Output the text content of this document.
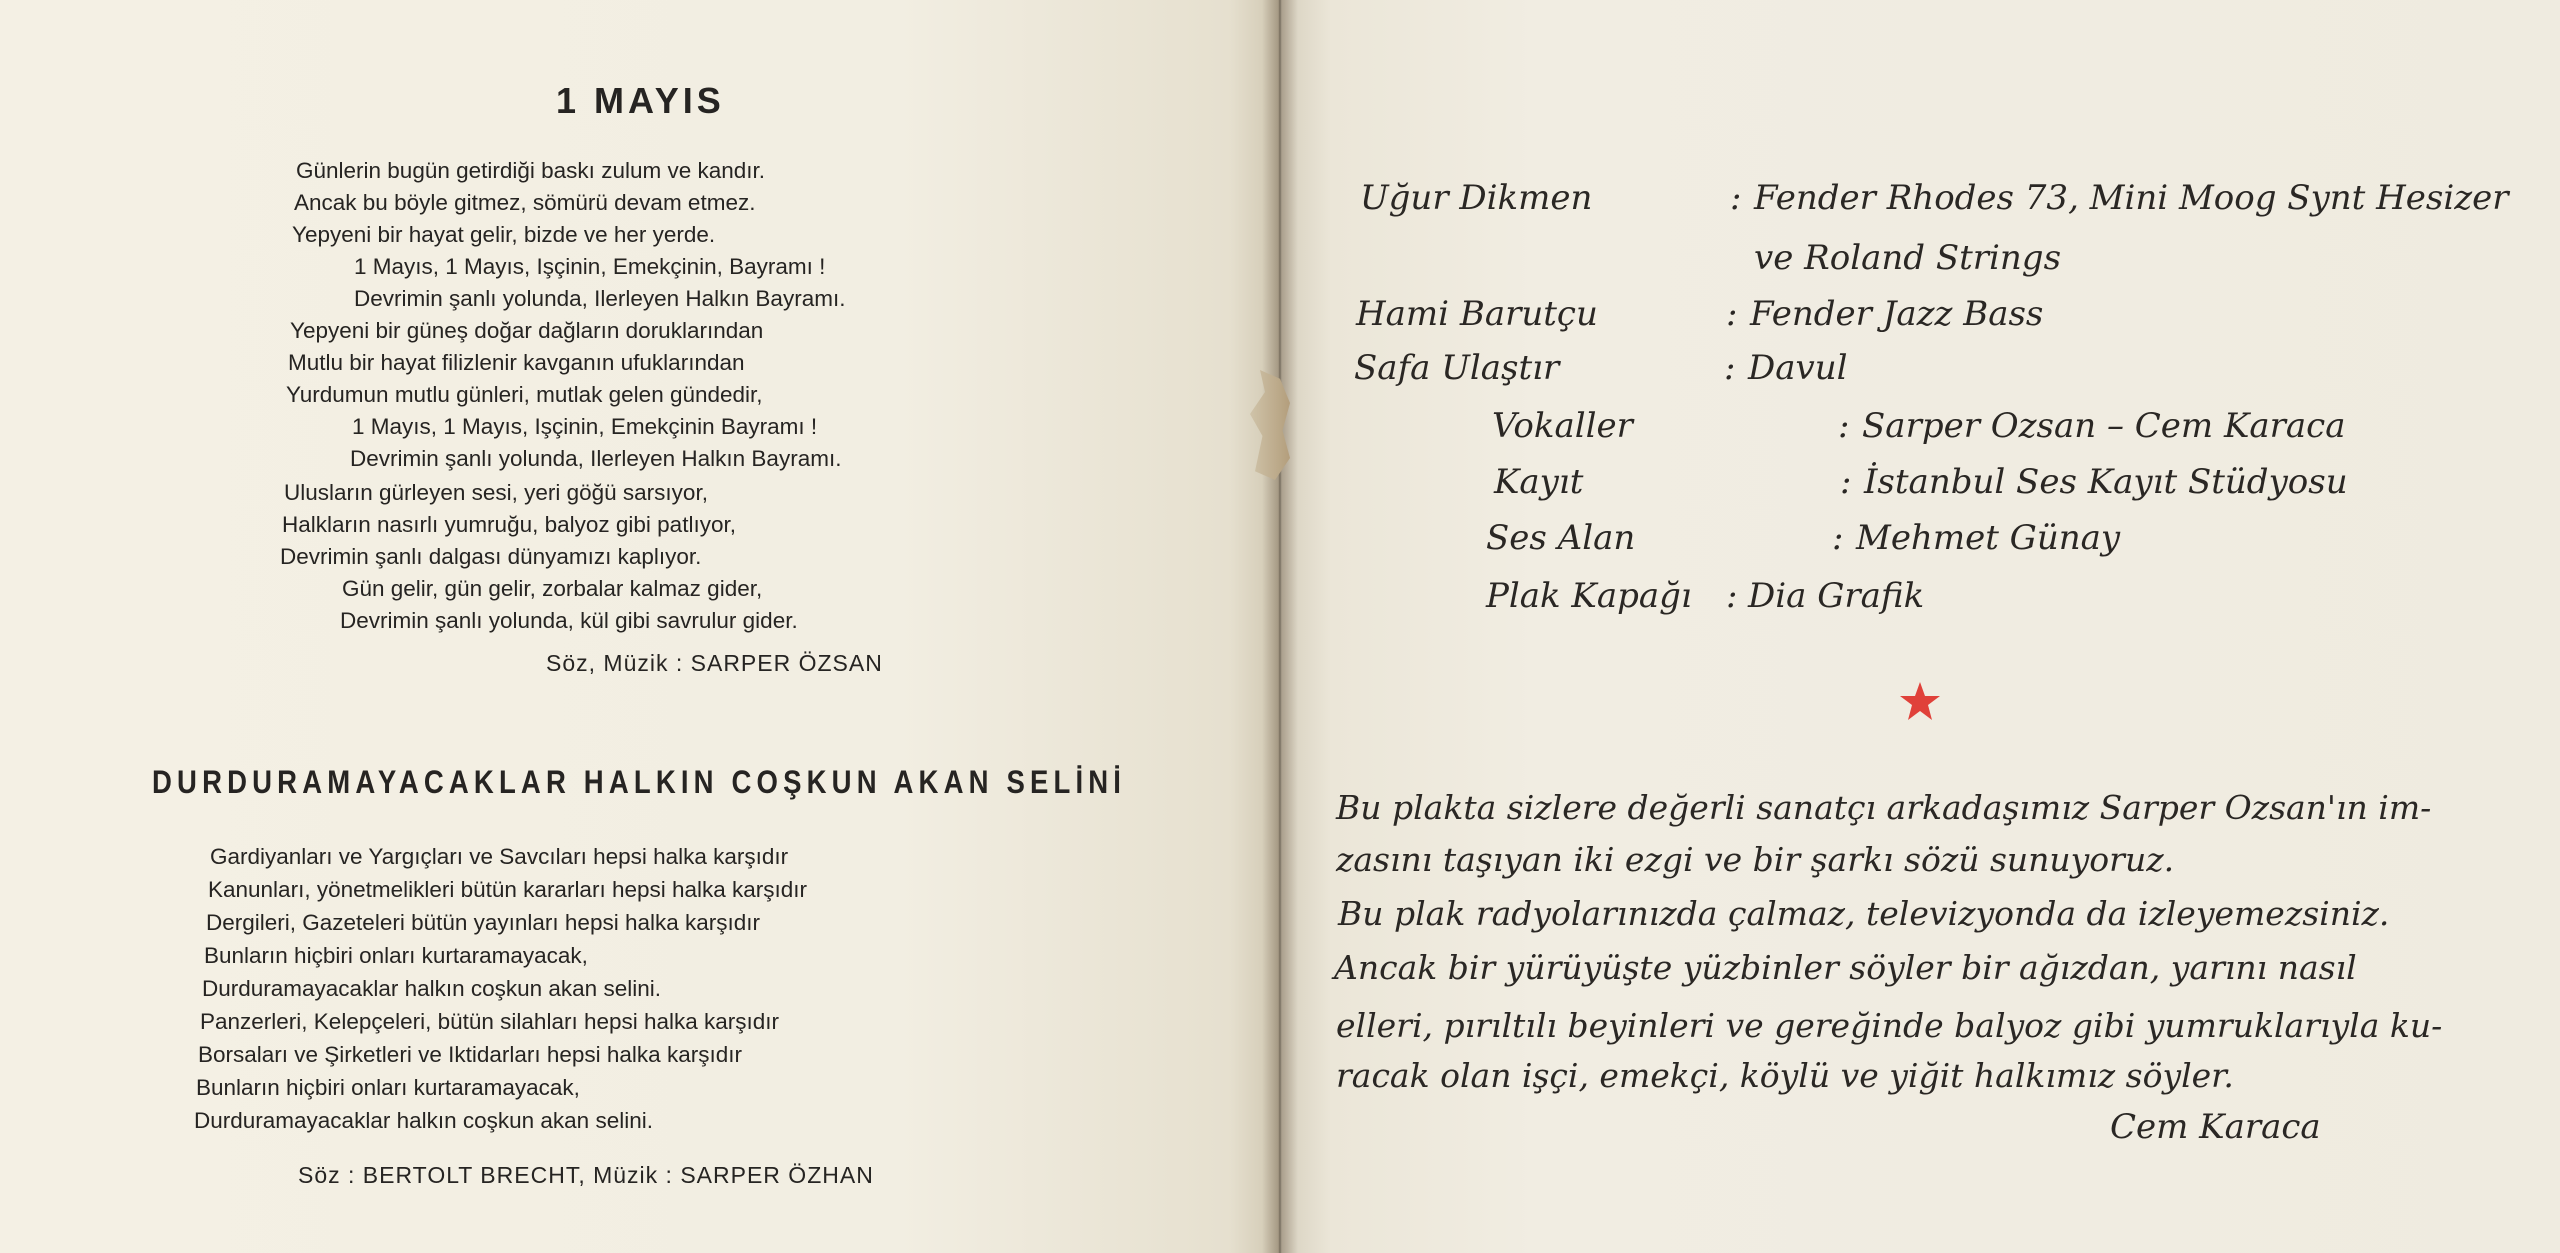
1 MAYIS
Günlerin bugün getirdiği baskı zulum ve kandır.
Ancak bu böyle gitmez, sömürü devam etmez.
Yepyeni bir hayat gelir, bizde ve her yerde.
1 Mayıs, 1 Mayıs, Işçinin, Emekçinin, Bayramı !
Devrimin şanlı yolunda, Ilerleyen Halkın Bayramı.
Yepyeni bir güneş doğar dağların doruklarından
Mutlu bir hayat filizlenir kavganın ufuklarından
Yurdumun mutlu günleri, mutlak gelen gündedir,
1 Mayıs, 1 Mayıs, Işçinin, Emekçinin Bayramı !
Devrimin şanlı yolunda, Ilerleyen Halkın Bayramı.
Ulusların gürleyen sesi, yeri göğü sarsıyor,
Halkların nasırlı yumruğu, balyoz gibi patlıyor,
Devrimin şanlı dalgası dünyamızı kaplıyor.
Gün gelir, gün gelir, zorbalar kalmaz gider,
Devrimin şanlı yolunda, kül gibi savrulur gider.
Söz, Müzik : SARPER ÖZSAN
DURDURAMAYACAKLAR HALKIN COŞKUN AKAN SELİNİ
Gardiyanları ve Yargıçları ve Savcıları hepsi halka karşıdır
Kanunları, yönetmelikleri bütün kararları hepsi halka karşıdır
Dergileri, Gazeteleri bütün yayınları hepsi halka karşıdır
Bunların hiçbiri onları kurtaramayacak,
Durduramayacaklar halkın coşkun akan selini.
Panzerleri, Kelepçeleri, bütün silahları hepsi halka karşıdır
Borsaları ve Şirketleri ve Iktidarları hepsi halka karşıdır
Bunların hiçbiri onları kurtaramayacak,
Durduramayacaklar halkın coşkun akan selini.
Söz : BERTOLT BRECHT, Müzik : SARPER ÖZHAN
Uğur Dikmen	: Fender Rhodes 73, Mini Moog Synt Hesizer
ve Roland Strings
Hami Barutçu	: Fender Jazz Bass
Safa Ulaştır	: Davul
Vokaller	: Sarper Ozsan – Cem Karaca
Kayıt	: İstanbul Ses Kayıt Stüdyosu
Ses Alan	: Mehmet Günay
Plak Kapağı : Dia Grafik

Bu plakta sizlere değerli sanatçı arkadaşımız Sarper Ozsan'ın im-

zasını taşıyan iki ezgi ve bir şarkı sözü sunuyoruz.

Bu plak radyolarınızda çalmaz, televizyonda da izleyemezsiniz.

Ancak bir yürüyüşte yüzbinler söyler bir ağızdan, yarını nasıl

elleri, pırıltılı beyinleri ve gereğinde balyoz gibi yumruklarıyla ku-

racak olan işçi, emekçi, köylü ve yiğit halkımız söyler.

Cem Karaca
